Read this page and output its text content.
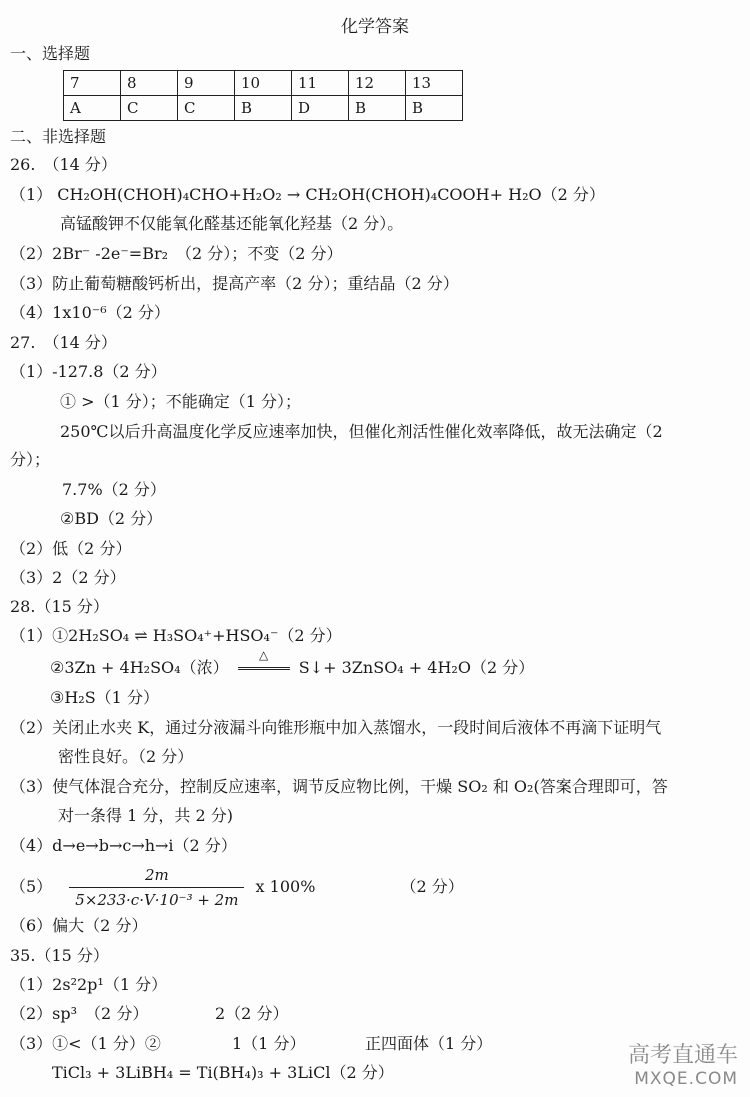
化学答案
一、选择题
7	8	9	10	11	12	13
A	C	C	B	D	B	B
二、非选择题
26.　（14 分）
（1） CH₂OH(CHOH)₄CHO+H₂O₂ → CH₂OH(CHOH)₄COOH+ H₂O（2 分）
高锰酸钾不仅能氧化醛基还能氧化羟基（2 分）。
（2）2Br⁻ -2e⁻=Br₂　（2 分）；不变（2 分）
（3）防止葡萄糖酸钙析出，提高产率（2 分）；重结晶（2 分）
（4）1x10⁻⁶（2 分）
27.　（14 分）
（1）-127.8（2 分）
① >（1 分）；不能确定（1 分）；
250℃以后升高温度化学反应速率加快，但催化剂活性催化效率降低，故无法确定（2
分）；
7.7%（2 分）
②BD（2 分）
（2）低（2 分）
（3）2（2 分）
28.（15 分）
（1）①2H₂SO₄ ⇌ H₃SO₄⁺+HSO₄⁻（2 分）
②3Zn + 4H₂SO₄（浓）
△
S↓+ 3ZnSO₄ + 4H₂O（2 分）
③H₂S（1 分）
（2）关闭止水夹 K，通过分液漏斗向锥形瓶中加入蒸馏水，一段时间后液体不再滴下证明气
密性良好。（2 分）
（3）使气体混合充分，控制反应速率，调节反应物比例，干燥 SO₂ 和 O₂(答案合理即可，答
对一条得 1 分，共 2 分)
（4）d→e→b→c→h→i（2 分）
$(5) \frac{2m}{\text{5×233·c·V·10⁻³ + 2m}}$ x 100%	（2 分）
（6）偏大（2 分）
35.（15 分）
（1）2s²2p¹（1 分）
（2）sp³　（2 分）	2（2 分）
（3）①<（1 分）②	1（1 分）	正四面体（1 分）
TiCl₃ + 3LiBH₄ = Ti(BH₄)₃ + 3LiCl（2 分）
高考直通车
MXQE.COM
